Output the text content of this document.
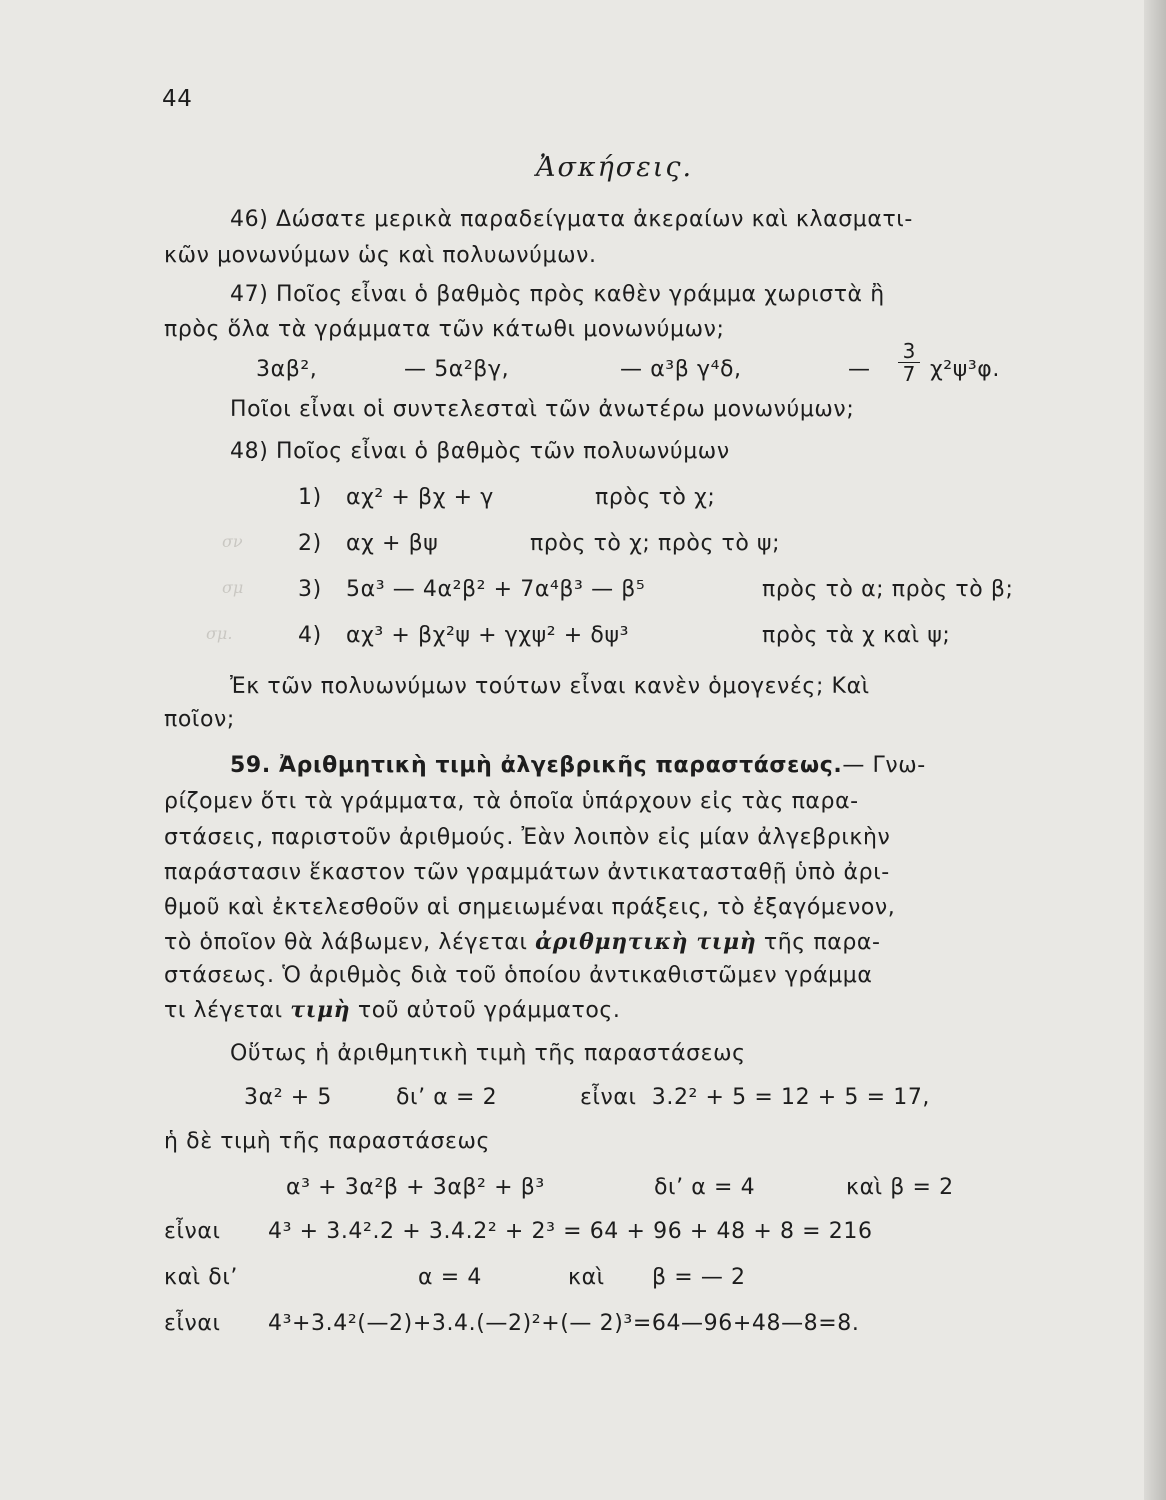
44
Ἀσκήσεις.
46) Δώσατε μερικὰ παραδείγματα ἀκεραίων καὶ κλασματι-
κῶν μονωνύμων ὡς καὶ πολυωνύμων.
47) Ποῖος εἶναι ὁ βαθμὸς πρὸς καθὲν γράμμα χωριστὰ ἢ
πρὸς ὅλα τὰ γράμματα τῶν κάτωθι μονωνύμων;
3αβ²,	— 5α²βγ,	— α³β γ⁴δ,	— $\frac{3}{7} \chi^2\psi^3\varphi$.
Ποῖοι εἶναι οἱ συντελεσταὶ τῶν ἀνωτέρω μονωνύμων;
48) Ποῖος εἶναι ὁ βαθμὸς τῶν πολυωνύμων
1) αχ² + βχ + γ	πρὸς τὸ χ;
2) αχ + βψ	πρὸς τὸ χ; πρὸς τὸ ψ;
3) 5α³ — 4α²β² + 7α⁴β³ — β⁵	πρὸς τὸ α; πρὸς τὸ β;
4) αχ³ + βχ²ψ + γχψ² + δψ³	πρὸς τὰ χ καὶ ψ;
σν
σμ
σμ.
Ἐκ τῶν πολυωνύμων τούτων εἶναι κανὲν ὁμογενές; Καὶ
ποῖον;
59. Ἀριθμητικὴ τιμὴ ἀλγεβρικῆς παραστάσεως.— Γνω-
ρίζομεν ὅτι τὰ γράμματα, τὰ ὁποῖα ὑπάρχουν εἰς τὰς παρα-
στάσεις, παριστοῦν ἀριθμούς. Ἐὰν λοιπὸν εἰς μίαν ἀλγεβρικὴν
παράστασιν ἕκαστον τῶν γραμμάτων ἀντικατασταθῇ ὑπὸ ἀρι-
θμοῦ καὶ ἐκτελεσθοῦν αἱ σημειωμέναι πράξεις, τὸ ἐξαγόμενον,
τὸ ὁποῖον θὰ λάβωμεν, λέγεται ἀριθμητικὴ τιμὴ τῆς παρα-
στάσεως. Ὁ ἀριθμὸς διὰ τοῦ ὁποίου ἀντικαθιστῶμεν γράμμα
τι λέγεται τιμὴ τοῦ αὐτοῦ γράμματος.
Οὕτως ἡ ἀριθμητικὴ τιμὴ τῆς παραστάσεως
3α² + 5	δι’ α = 2	εἶναι  3.2² + 5 = 12 + 5 = 17,
ἡ δὲ τιμὴ τῆς παραστάσεως
α³ + 3α²β + 3αβ² + β³	δι’ α = 4	καὶ β = 2
εἶναι 4³ + 3.4².2 + 3.4.2² + 2³ = 64 + 96 + 48 + 8 = 216
καὶ δι’	α = 4	καὶ β = — 2
εἶναι 4³+3.4²(—2)+3.4.(—2)²+(— 2)³=64—96+48—8=8.
